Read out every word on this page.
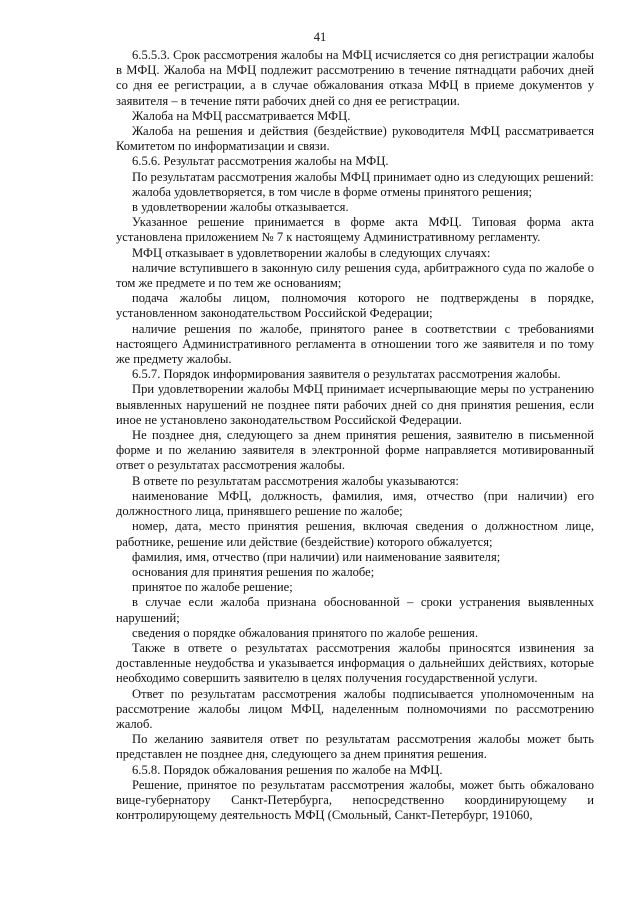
41

6.5.5.3. Срок рассмотрения жалобы на МФЦ исчисляется со дня регистрации жалобы в МФЦ. Жалоба на МФЦ подлежит рассмотрению в течение пятнадцати рабочих дней со дня ее регистрации, а в случае обжалования отказа МФЦ в приеме документов у заявителя – в течение пяти рабочих дней со дня ее регистрации.

Жалоба на МФЦ рассматривается МФЦ.

Жалоба на решения и действия (бездействие) руководителя МФЦ рассматривается Комитетом по информатизации и связи.

6.5.6. Результат рассмотрения жалобы на МФЦ.

По результатам рассмотрения жалобы МФЦ принимает одно из следующих решений:

жалоба удовлетворяется, в том числе в форме отмены принятого решения;

в удовлетворении жалобы отказывается.

Указанное решение принимается в форме акта МФЦ. Типовая форма акта установлена приложением № 7 к настоящему Административному регламенту.

МФЦ отказывает в удовлетворении жалобы в следующих случаях:

наличие вступившего в законную силу решения суда, арбитражного суда по жалобе о том же предмете и по тем же основаниям;

подача жалобы лицом, полномочия которого не подтверждены в порядке, установленном законодательством Российской Федерации;

наличие решения по жалобе, принятого ранее в соответствии с требованиями настоящего Административного регламента в отношении того же заявителя и по тому же предмету жалобы.

6.5.7. Порядок информирования заявителя о результатах рассмотрения жалобы.

При удовлетворении жалобы МФЦ принимает исчерпывающие меры по устранению выявленных нарушений не позднее пяти рабочих дней со дня принятия решения, если иное не установлено законодательством Российской Федерации.

Не позднее дня, следующего за днем принятия решения, заявителю в письменной форме и по желанию заявителя в электронной форме направляется мотивированный ответ о результатах рассмотрения жалобы.

В ответе по результатам рассмотрения жалобы указываются:

наименование МФЦ, должность, фамилия, имя, отчество (при наличии) его должностного лица, принявшего решение по жалобе;

номер, дата, место принятия решения, включая сведения о должностном лице, работнике, решение или действие (бездействие) которого обжалуется;

фамилия, имя, отчество (при наличии) или наименование заявителя;

основания для принятия решения по жалобе;

принятое по жалобе решение;

в случае если жалоба признана обоснованной – сроки устранения выявленных нарушений;

сведения о порядке обжалования принятого по жалобе решения.

Также в ответе о результатах рассмотрения жалобы приносятся извинения за доставленные неудобства и указывается информация о дальнейших действиях, которые необходимо совершить заявителю в целях получения государственной услуги.

Ответ по результатам рассмотрения жалобы подписывается уполномоченным на рассмотрение жалобы лицом МФЦ, наделенным полномочиями по рассмотрению жалоб.

По желанию заявителя ответ по результатам рассмотрения жалобы может быть представлен не позднее дня, следующего за днем принятия решения.

6.5.8. Порядок обжалования решения по жалобе на МФЦ.

Решение, принятое по результатам рассмотрения жалобы, может быть обжаловано вице-губернатору Санкт-Петербурга, непосредственно координирующему и контролирующему деятельность МФЦ (Смольный, Санкт-Петербург, 191060,
